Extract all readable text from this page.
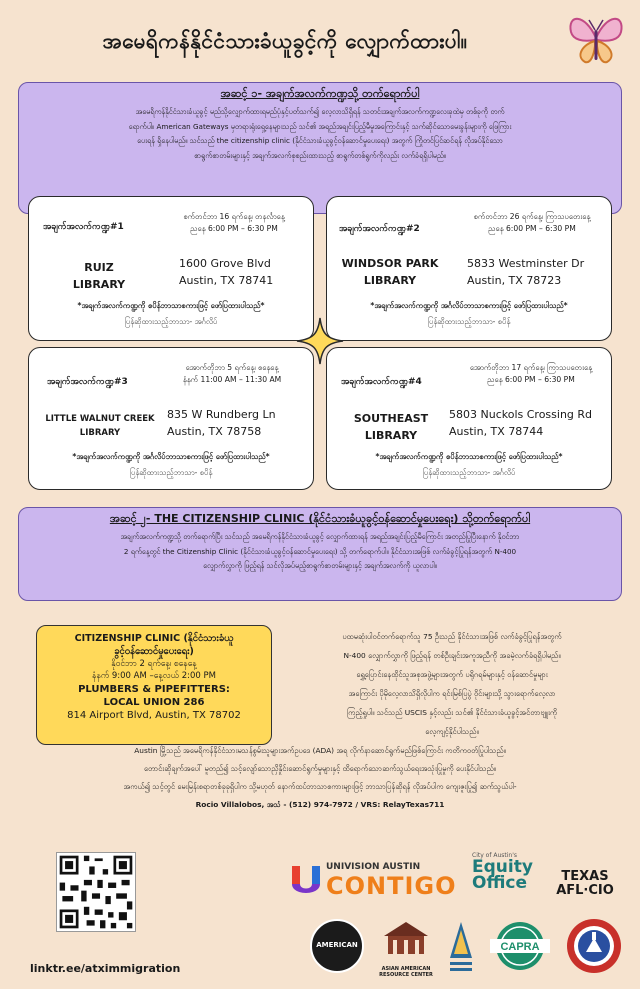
အမေရိကန်နိုင်ငံသားခံယူခွင့်ကို လျှောက်ထားပါ။
အဆင့် ၁- အချက်အလက်ကဏ္ဍသို့ တက်ရောက်ပါ
အမေရိကန်နိုင်ငံသားခံယူခွင့် မည်သို့လျှောက်ထားရမည်ပုံနှင့်ပတ်သက်၍ လေ့လာသိရှိရန် သတင်းအချက်အလက်ကဏ္ဍလေးခုထဲမှ တစ်ခုကို တက်
ရောက်ပါ။ American Gateways မှတရားရုံးရှေ့နေများသည် သင်၏ အရည်အချင်းပြည့်မီမှုအကြောင်းနှင့် သက်ဆိုင်သောမေးခွန်းများကို ဖြေကြား
ပေးရန် ရှိနေပါမည်။ သင်သည် the citizenship clinic (နိုင်ငံသားခံယူခွင့်ဝန်ဆောင်မှုပေးရေး) အတွက် ကြိုတင်ပြင်ဆင်ရန် လိုအပ်နိုင်သော
စာရွက်စာတမ်းများနှင့် အချက်အလက်စုစည်းထားသည့် စာရွက်တစ်ရွက်ကိုလည်း လက်ခံရရှိပါမည်။
အချက်အလက်ကဏ္ဍ#1
စက်တင်ဘာ 16 ရက်နေ့၊ တနင်္လာနေ့
ညနေ 6:00 PM – 6:30 PM
RUIZ
LIBRARY
1600 Grove Blvd
Austin, TX 78741
*အချက်အလက်ကဏ္ဍကို စပိန်ဘာသာစကားဖြင့် ဖော်ပြထားပါသည်*
ပြန်ဆိုထားသည့်ဘာသာ- အင်္ဂလိပ်
အချက်အလက်ကဏ္ဍ#2
စက်တင်ဘာ 26 ရက်နေ့၊ ကြာသပတေးနေ့
ညနေ 6:00 PM – 6:30 PM
WINDSOR PARK
LIBRARY
5833 Westminster Dr
Austin, TX 78723
*အချက်အလက်ကဏ္ဍကို အင်္ဂလိပ်ဘာသာစကားဖြင့် ဖော်ပြထားပါသည်*
ပြန်ဆိုထားသည့်ဘာသာ- စပိန်
အချက်အလက်ကဏ္ဍ#3
အောက်တိုဘာ 5 ရက်နေ့၊ စနေနေ့
နံနက် 11:00 AM – 11:30 AM
LITTLE WALNUT CREEK
LIBRARY
835 W Rundberg Ln
Austin, TX 78758
*အချက်အလက်ကဏ္ဍကို အင်္ဂလိပ်ဘာသာစကားဖြင့် ဖော်ပြထားပါသည်*
ပြန်ဆိုထားသည့်ဘာသာ- စပိန်
အချက်အလက်ကဏ္ဍ#4
အောက်တိုဘာ 17 ရက်နေ့၊ ကြာသပတေးနေ့
ညနေ 6:00 PM – 6:30 PM
SOUTHEAST
LIBRARY
5803 Nuckols Crossing Rd
Austin, TX 78744
*အချက်အလက်ကဏ္ဍကို စပိန်ဘာသာစကားဖြင့် ဖော်ပြထားပါသည်*
ပြန်ဆိုထားသည့်ဘာသာ- အင်္ဂလိပ်
အဆင့် ၂- THE CITIZENSHIP CLINIC (နိုင်ငံသားခံယူခွင့်ဝန်ဆောင်မှုပေးရေး) သို့တက်ရောက်ပါ
အချက်အလက်ကဏ္ဍသို့ တက်ရောက်ပြီး သင်သည် အမေရိကန်နိုင်ငံသားခံယူခွင့် လျှောက်ထားရန် အရည်အချင်းပြည့်မီကြောင်း အတည်ပြုပြီးနောက် နိုဝင်ဘာ
2 ရက်နေ့တွင် the Citizenship Clinic (နိုင်ငံသားခံယူခွင့်ဝန်ဆောင်မှုပေးရေး) သို့ တက်ရောက်ပါ။ နိုင်ငံသားအဖြစ် လက်ခံခွင့်ပြုရန်အတွက် N-400
လျှောက်လွှာကို ဖြည့်ရန် သင်လိုအပ်မည့်စာရွက်စာတမ်းများနှင့် အချက်အလက်ကို ယူလာပါ။
CITIZENSHIP CLINIC (နိုင်ငံသားခံယူ
ခွင့်ဝန်ဆောင်မှုပေးရေး)
နိုဝင်ဘာ 2 ရက်နေ့၊ စနေနေ့
နံနက် 9:00 AM –နေ့လယ် 2:00 PM
PLUMBERS & PIPEFITTERS:
LOCAL UNION 286
814 Airport Blvd, Austin, TX 78702
ပထမဆုံးပါဝင်တက်ရောက်သူ 75 ဦးသည် နိုင်ငံသားအဖြစ် လက်ခံခွင့်ပြုရန်အတွက်
N-400 လျှောက်လွှာကို ဖြည့်ရန် တစ်ဦးချင်းအကူအညီကို အခမဲ့လက်ခံရရှိပါမည်။
ရွှေ့ပြောင်းနေထိုင်သူအစုအဖွဲ့များအတွက် ပရိုဂရမ်များနှင့် ဝန်ဆောင်မှုများ
အကြောင်း ပိုမိုလေ့လာသိရှိလိုပါက ရင်းမြစ်ပြပွဲ ဝိုင်းများသို့ သွားရောက်လေ့လာ
ကြည့်ရှုပါ။ သင်သည် USCIS နှင့်လည်း သင်၏ နိုင်ငံသားခံယူခွင့်အင်တာဗျူးကို
လေ့ကျင့်နိုင်ပါသည်။
Austin မြို့သည် အမေရိကန်နိုင်ငံသားမသန်စွမ်းသူများအက်ဥပဒေ (ADA) အရ လိုက်နာဆောင်ရွက်မည်ဖြစ်ကြောင်း ကတိကဝတ်ပြုပါသည်။
တောင်းဆိုချက်အပေါ် မူတည်၍ သင့်လျော်သောညှိနှိုင်းဆောင်ရွက်မှုများနှင့် ထိရောက်သောဆက်သွယ်ရေးအသုံးပြုမှုကို ပေးနိုင်ပါသည်။
အကယ်၍ သင့်တွင် မေးမြန်းစရာတစ်ခုခုရှိပါက သို့မဟုတ် နောက်ထပ်ဘာသာစကားများဖြင့် ဘာသာပြန်ဆိုရန် လိုအပ်ပါက ကျေးဇူးပြု၍ ဆက်သွယ်ပါ-
Rocio Villalobos, အသံ - (512) 974-7972 / VRS: RelayTexas711
linktr.ee/atximmigration
UNIVISION AUSTIN
CONTIGO
City of Austin's
Equity
Office	TEXAS
AFL·CIO
AMERICAN
ASIAN AMERICAN RESOURCE CENTER
CAPRA
